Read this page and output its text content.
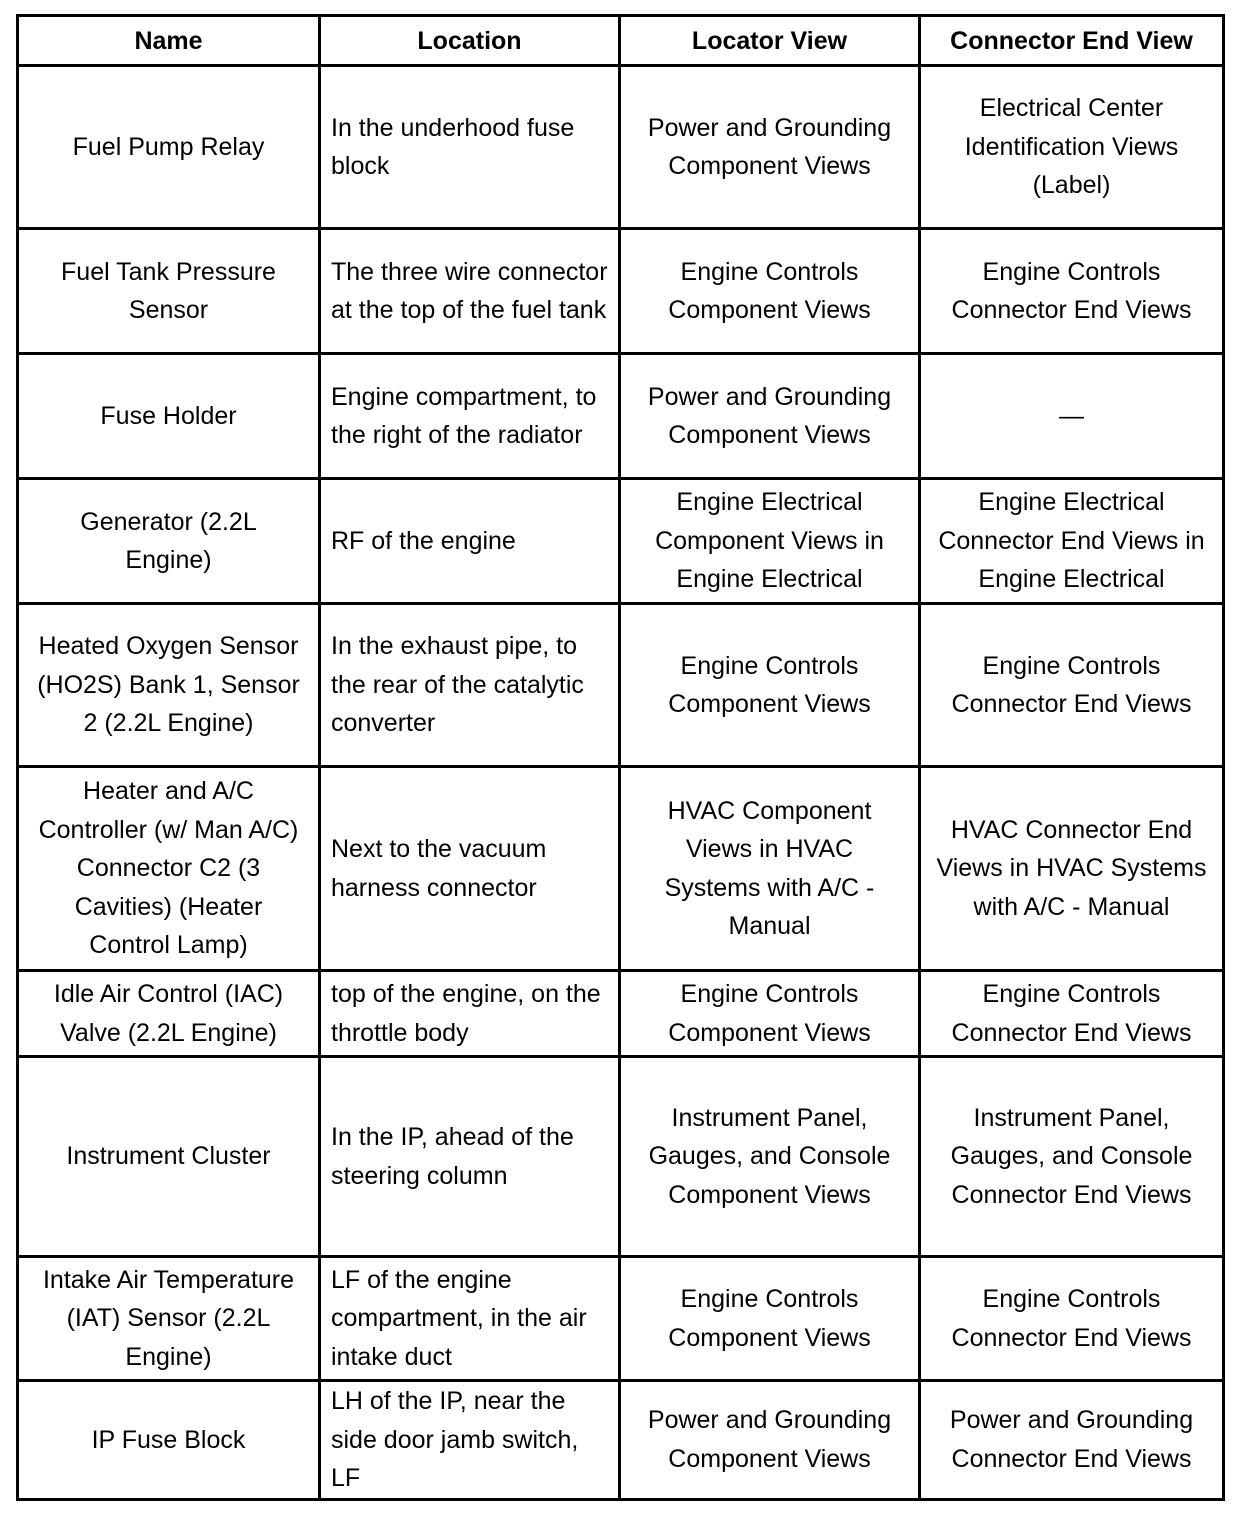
Name	Location	Locator View	Connector End View
Fuel Pump Relay	In the underhood fuse block	Power and Grounding Component Views	Electrical Center Identification Views (Label)
Fuel Tank Pressure Sensor	The three wire connector at the top of the fuel tank	Engine Controls Component Views	Engine Controls Connector End Views
Fuse Holder	Engine compartment, to the right of the radiator	Power and Grounding Component Views	—
Generator (2.2L Engine)	RF of the engine	Engine Electrical Component Views in Engine Electrical	Engine Electrical Connector End Views in Engine Electrical
Heated Oxygen Sensor (HO2S) Bank 1, Sensor 2 (2.2L Engine)	In the exhaust pipe, to the rear of the catalytic converter	Engine Controls Component Views	Engine Controls Connector End Views
Heater and A/C Controller (w/ Man A/C) Connector C2 (3 Cavities) (Heater Control Lamp)	Next to the vacuum harness connector	HVAC Component Views in HVAC Systems with A/C - Manual	HVAC Connector End Views in HVAC Systems with A/C - Manual
Idle Air Control (IAC) Valve (2.2L Engine)	top of the engine, on the throttle body	Engine Controls Component Views	Engine Controls Connector End Views
Instrument Cluster	In the IP, ahead of the steering column	Instrument Panel, Gauges, and Console Component Views	Instrument Panel, Gauges, and Console Connector End Views
Intake Air Temperature (IAT) Sensor (2.2L Engine)	LF of the engine compartment, in the air intake duct	Engine Controls Component Views	Engine Controls Connector End Views
IP Fuse Block	LH of the IP, near the side door jamb switch, LF	Power and Grounding Component Views	Power and Grounding Connector End Views
